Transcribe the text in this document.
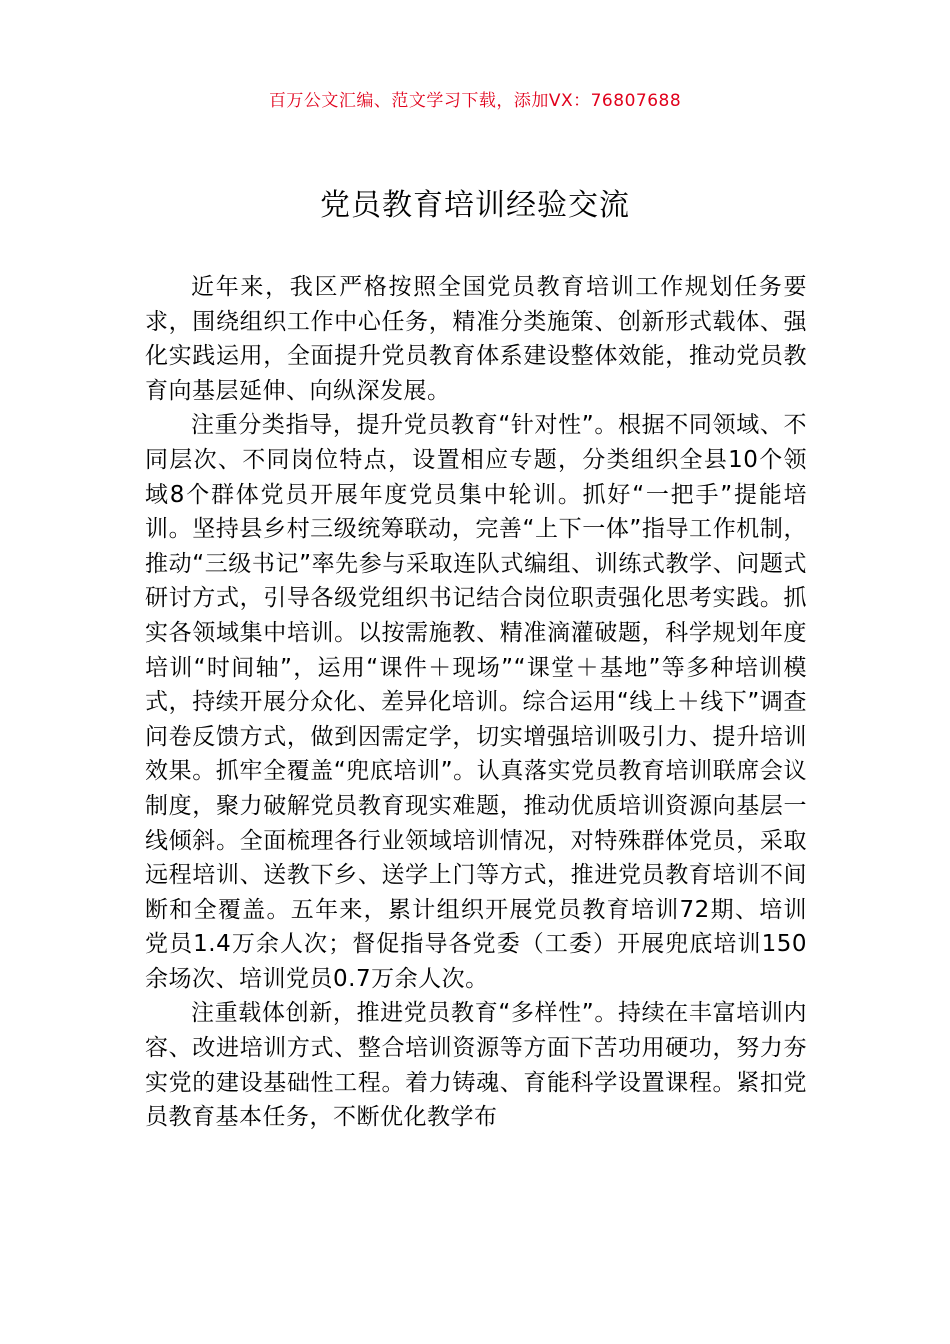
百万公文汇编、范文学习下载，添加VX：76807688
党员教育培训经验交流

近年来，我区严格按照全国党员教育培训工作规划任务要求，围绕组织工作中心任务，精准分类施策、创新形式载体、强化实践运用，全面提升党员教育体系建设整体效能，推动党员教育向基层延伸、向纵深发展。

注重分类指导，提升党员教育“针对性”。根据不同领域、不同层次、不同岗位特点，设置相应专题，分类组织全县10个领域8个群体党员开展年度党员集中轮训。抓好“一把手”提能培训。坚持县乡村三级统筹联动，完善“上下一体”指导工作机制，推动“三级书记”率先参与采取连队式编组、训练式教学、问题式研讨方式，引导各级党组织书记结合岗位职责强化思考实践。抓实各领域集中培训。以按需施教、精准滴灌破题，科学规划年度培训“时间轴”，运用“课件＋现场”“课堂＋基地”等多种培训模式，持续开展分众化、差异化培训。综合运用“线上＋线下”调查问卷反馈方式，做到因需定学，切实增强培训吸引力、提升培训效果。抓牢全覆盖“兜底培训”。认真落实党员教育培训联席会议制度，聚力破解党员教育现实难题，推动优质培训资源向基层一线倾斜。全面梳理各行业领域培训情况，对特殊群体党员，采取远程培训、送教下乡、送学上门等方式，推进党员教育培训不间断和全覆盖。五年来，累计组织开展党员教育培训72期、培训党员1.4万余人次；督促指导各党委（工委）开展兜底培训150余场次、培训党员0.7万余人次。

注重载体创新，推进党员教育“多样性”。持续在丰富培训内容、改进培训方式、整合培训资源等方面下苦功用硬功，努力夯实党的建设基础性工程。着力铸魂、育能科学设置课程。紧扣党员教育基本任务，不断优化教学布
